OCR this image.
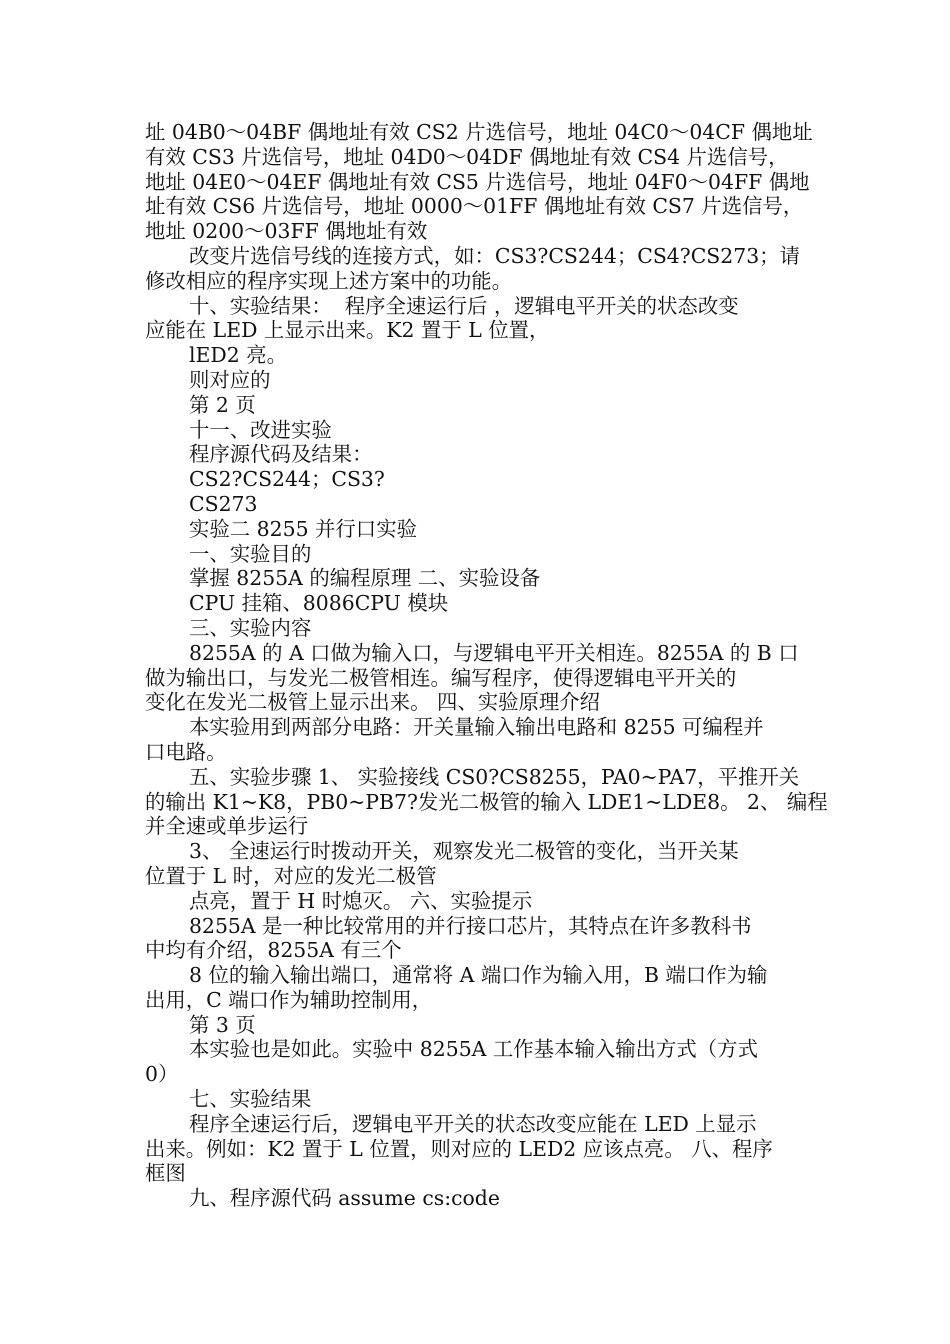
址 04B0～04BF 偶地址有效 CS2 片选信号，地址 04C0～04CF 偶地址
有效 CS3 片选信号，地址 04D0～04DF 偶地址有效 CS4 片选信号，
地址 04E0～04EF 偶地址有效 CS5 片选信号，地址 04F0～04FF 偶地
址有效 CS6 片选信号，地址 0000～01FF 偶地址有效 CS7 片选信号，
地址 0200～03FF 偶地址有效
改变片选信号线的连接方式，如：CS3?CS244；CS4?CS273；请
修改相应的程序实现上述方案中的功能。
十、实验结果：  程序全速运行后 ，逻辑电平开关的状态改变
应能在 LED 上显示出来。K2 置于 L 位置，
lED2 亮。
则对应的
第 2 页
十一、改进实验
程序源代码及结果：
CS2?CS244；CS3?
CS273
实验二 8255 并行口实验
一、实验目的
掌握 8255A 的编程原理 二、实验设备
CPU 挂箱、8086CPU 模块
三、实验内容
8255A 的 A 口做为输入口，与逻辑电平开关相连。8255A 的 B 口
做为输出口，与发光二极管相连。编写程序，使得逻辑电平开关的
变化在发光二极管上显示出来。 四、实验原理介绍
本实验用到两部分电路：开关量输入输出电路和 8255 可编程并
口电路。
五、实验步骤 1、 实验接线 CS0?CS8255，PA0~PA7，平推开关
的输出 K1~K8，PB0~PB7?发光二极管的输入 LDE1~LDE8。 2、 编程
并全速或单步运行
3、 全速运行时拨动开关，观察发光二极管的变化，当开关某
位置于 L 时，对应的发光二极管
点亮，置于 H 时熄灭。 六、实验提示
8255A 是一种比较常用的并行接口芯片，其特点在许多教科书
中均有介绍，8255A 有三个
8 位的输入输出端口，通常将 A 端口作为输入用，B 端口作为输
出用，C 端口作为辅助控制用，
第 3 页
本实验也是如此。实验中 8255A 工作基本输入输出方式（方式
0）
七、实验结果
程序全速运行后，逻辑电平开关的状态改变应能在 LED 上显示
出来。例如：K2 置于 L 位置，则对应的 LED2 应该点亮。 八、程序
框图
九、程序源代码 assume cs:code
